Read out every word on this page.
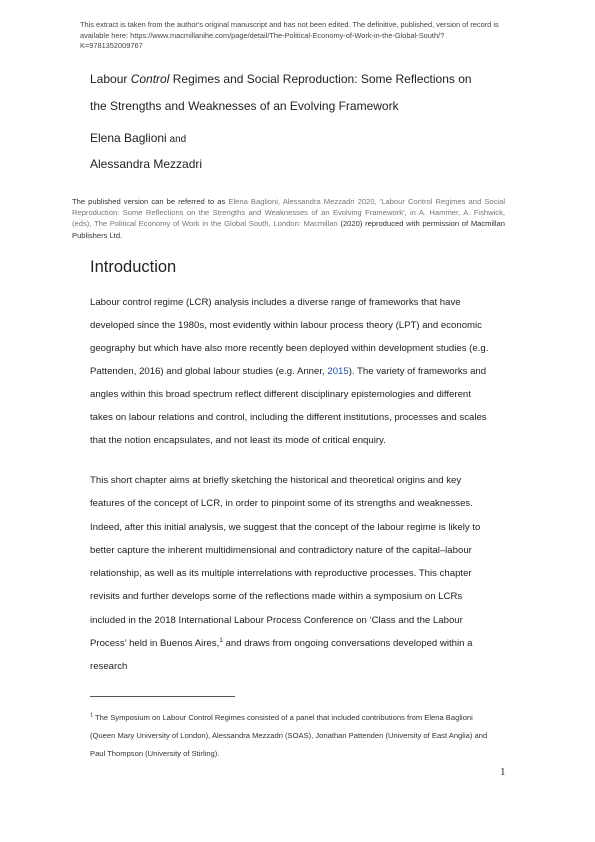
This extract is taken from the author's original manuscript and has not been edited. The definitive, published, version of record is available here: https://www.macmillanihe.com/page/detail/The-Political-Economy-of-Work-in-the-Global-South/?K=9781352009767
Labour Control Regimes and Social Reproduction: Some Reflections on
the Strengths and Weaknesses of an Evolving Framework
Elena Baglioni and
Alessandra Mezzadri
The published version can be referred to as Elena Baglioni, Alessandra Mezzadri 2020, 'Labour Control Regimes and Social Reproduction: Some Reflections on the Strengths and Weaknesses of an Evolving Framework', in A. Hammer, A. Fishwick, (eds), The Political Economy of Work in the Global South, London: Macmillan (2020) reproduced with permission of Macmillan Publishers Ltd.
Introduction
Labour control regime (LCR) analysis includes a diverse range of frameworks that have developed since the 1980s, most evidently within labour process theory (LPT) and economic geography but which have also more recently been deployed within development studies (e.g. Pattenden, 2016) and global labour studies (e.g. Anner, 2015). The variety of frameworks and angles within this broad spectrum reflect different disciplinary epistemologies and different takes on labour relations and control, including the different institutions, processes and scales that the notion encapsulates, and not least its mode of critical enquiry.
This short chapter aims at briefly sketching the historical and theoretical origins and key features of the concept of LCR, in order to pinpoint some of its strengths and weaknesses. Indeed, after this initial analysis, we suggest that the concept of the labour regime is likely to better capture the inherent multidimensional and contradictory nature of the capital–labour relationship, as well as its multiple interrelations with reproductive processes. This chapter revisits and further develops some of the reflections made within a symposium on LCRs included in the 2018 International Labour Process Conference on ‘Class and the Labour Process’ held in Buenos Aires,$^1$ and draws from ongoing conversations developed within a research
$^1$ The Symposium on Labour Control Regimes consisted of a panel that included contributions from Elena Baglioni (Queen Mary University of London), Alessandra Mezzadri (SOAS), Jonathan Pattenden (University of East Anglia) and Paul Thompson (University of Stirling).
1
